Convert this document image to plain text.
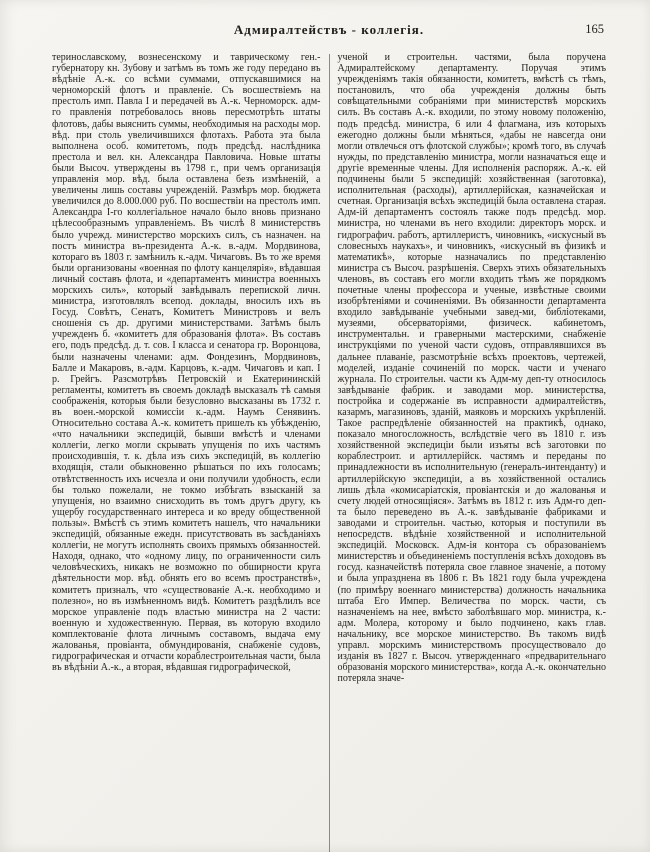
Адмиралтействъ - коллегія.	165
теринославскому, вознесенскому и таврическому ген.-губернатору кн. Зубову и затѣмъ въ томъ же году передано въ вѣдѣніе А.-к. со всѣми суммами, отпускавшимися на черноморскій флотъ и правленіе. Съ восшествіемъ на престолъ имп. Павла I и передачей въ А.-к. Черноморск. адм-го правленія потребовалось вновь пересмотрѣть штаты флотовъ, дабы выяснить суммы, необходимыя на расходы мор. вѣд. при столь увеличившихся флотахъ. Работа эта была выполнена особ. комитетомъ, подъ предсѣд. наслѣдника престола и вел. кн. Александра Павловича. Новые штаты были Высоч. утверждены въ 1798 г., при чемъ организація управленія мор. вѣд. была оставлена безъ измѣненій, а увеличены лишь составы учрежденій. Размѣръ мор. бюджета увеличился до 8.000.000 руб. По восшествіи на престолъ имп. Александра I-го коллегіальное начало было вновь признано цѣлесообразнымъ управленіемъ. Въ числѣ 8 министерствъ было учрежд. министерство морскихъ силъ, съ назначен. на постъ министра въ-президента А.-к. в.-адм. Мордвинова, котораго въ 1803 г. замѣнилъ к.-адм. Чичаговъ. Въ то же время были организованы «военная по флоту канцелярія», вѣдавшая личный составъ флота, и «департаментъ министра военныхъ морскихъ силъ», который завѣдывалъ перепиской личн. министра, изготовлялъ всепод. доклады, вносилъ ихъ въ Госуд. Совѣтъ, Сенатъ, Комитетъ Министровъ и велъ сношенія съ др. другими министерствами. Затѣмъ былъ учрежденъ б. «комитетъ для образованія флота». Въ составъ его, подъ предсѣд. д. т. сов. I класса и сенатора гр. Воронцова, были назначены членами: адм. Фондезинъ, Мордвиновъ, Балле и Макаровъ, в.-адм. Карцовъ, к.-адм. Чичаговъ и кап. I р. Грейгъ. Разсмотрѣвъ Петровскій и Екатерининскій регламенты, комитетъ въ своемъ докладѣ высказалъ тѣ самыя соображенія, которыя были безусловно высказаны въ 1732 г. въ воен.-морской комиссіи к.-адм. Наумъ Сенявинъ. Относительно состава А.-к. комитетъ пришелъ къ убѣжденію, «что начальники экспедицій, бывши вмѣстѣ и членами коллегіи, легко могли скрывать упущенія по ихъ частямъ происходившія, т. к. дѣла изъ сихъ экспедицій, въ коллегію входящія, стали обыкновенно рѣшаться по ихъ голосамъ; отвѣтственность ихъ исчезла и они получили удобность, если бы только пожелали, не токмо избѣгать взысканій за упущенія, но взаимно снисходить въ томъ другъ другу, къ ущербу государственнаго интереса и ко вреду общественной пользы». Вмѣстѣ съ этимъ комитетъ нашелъ, что начальники экспедицій, обязанные ежедн. присутствовать въ засѣданіяхъ коллегіи, не могутъ исполнять своихъ прямыхъ обязанностей. Находя, однако, что «одному лицу, по ограниченности силъ человѣческихъ, никакъ не возможно по обширности круга дѣятельности мор. вѣд. обнять его во всемъ пространствѣ», комитетъ призналъ, что «существованіе А.-к. необходимо и полезно», но въ измѣненномъ видѣ. Комитетъ раздѣлилъ все морское управленіе подъ властью министра на 2 части: военную и художественную. Первая, въ которую входило комплектованіе флота личнымъ составомъ, выдача ему жалованья, провіанта, обмундированія, снабженіе судовъ, гидрографическая и отчасти кораблестроительная части, была въ вѣдѣніи А.-к., а вторая, вѣдавшая гидрографической,
ученой и строительн. частями, была поручена Адмиралтейскому департаменту. Поручая этимъ учрежденіямъ такія обязанности, комитетъ, вмѣстѣ съ тѣмъ, постановилъ, что оба учрежденія должны быть совѣщательными собраніями при министерствѣ морскихъ силъ. Въ составъ А.-к. входили, по этому новому положенію, подъ предсѣд. министра, 6 или 4 флагмана, изъ которыхъ ежегодно должны были мѣняться, «дабы не навсегда они могли отвлечься отъ флотской службы»; кромѣ того, въ случаѣ нужды, по представленію министра, могли назначаться еще и другіе временные члены. Для исполненія распоряж. А.-к. ей подчинены были 5 экспедицій: хозяйственная (заготовка), исполнительная (расходы), артиллерійская, казначейская и счетная. Организація всѣхъ экспедицій была оставлена старая. Адм-ій департаментъ состоялъ также подъ предсѣд. мор. министра, но членами въ него входили: директоръ морск. и гидрографич. работъ, артиллеристъ, чиновникъ, «искусный въ словесныхъ наукахъ», и чиновникъ, «искусный въ физикѣ и математикѣ», которые назначались по представленію министра съ Высоч. разрѣшенія. Сверхъ этихъ обязательныхъ членовъ, въ составъ его могли входить тѣмъ же порядкомъ почетные члены профессора и ученые, извѣстные своими изобрѣтеніями и сочиненіями. Въ обязанности департамента входило завѣдываніе учебными завед-ми, библіотеками, музеями, обсерваторіями, физическ. кабинетомъ, инструментальн. и граверными мастерскими, снабженіе инструкціями по ученой части судовъ, отправлявшихся въ дальнее плаваніе, разсмотрѣніе всѣхъ проектовъ, чертежей, моделей, изданіе сочиненій по морск. части и ученаго журнала. По строительн. части къ Адм-му деп-ту относилось завѣдываніе фабрик. и заводами мор. министерства, постройка и содержаніе въ исправности адмиралтействъ, казармъ, магазиновъ, зданій, маяковъ и морскихъ укрѣпленій. Такое распредѣленіе обязанностей на практикѣ, однако, показало многосложность, вслѣдствіе чего въ 1810 г. изъ хозяйственной экспедиціи были изъяты всѣ заготовки по кораблестроит. и артиллерійск. частямъ и переданы по принадлежности въ исполнительную (генералъ-интенданту) и артиллерійскую экспедиціи, а въ хозяйственной остались лишь дѣла «комисаріатскія, провіантскія и до жалованья и счету людей относящіяся». Затѣмъ въ 1812 г. изъ Адм-го деп-та было переведено въ А.-к. завѣдываніе фабриками и заводами и строительн. частью, которыя и поступили въ непосредств. вѣдѣніе хозяйственной и исполнительной экспедицій. Московск. Адм-ія контора съ образованіемъ министерствъ и объединеніемъ поступленія всѣхъ доходовъ въ госуд. казначействѣ потеряла свое главное значеніе, а потому и была упразднена въ 1806 г. Въ 1821 году была учреждена (по примѣру военнаго министерства) должность начальника штаба Его Импер. Величества по морск. части, съ назначеніемъ на нее, вмѣсто заболѣвшаго мор. министра, к.-адм. Молера, которому и было подчинено, какъ глав. начальнику, все морское министерство. Въ такомъ видѣ управл. морскимъ министерствомъ просуществовало до изданія въ 1827 г. Высоч. утвержденнаго «предварительнаго образованія морского министерства», когда А.-к. окончательно потеряла значе-
